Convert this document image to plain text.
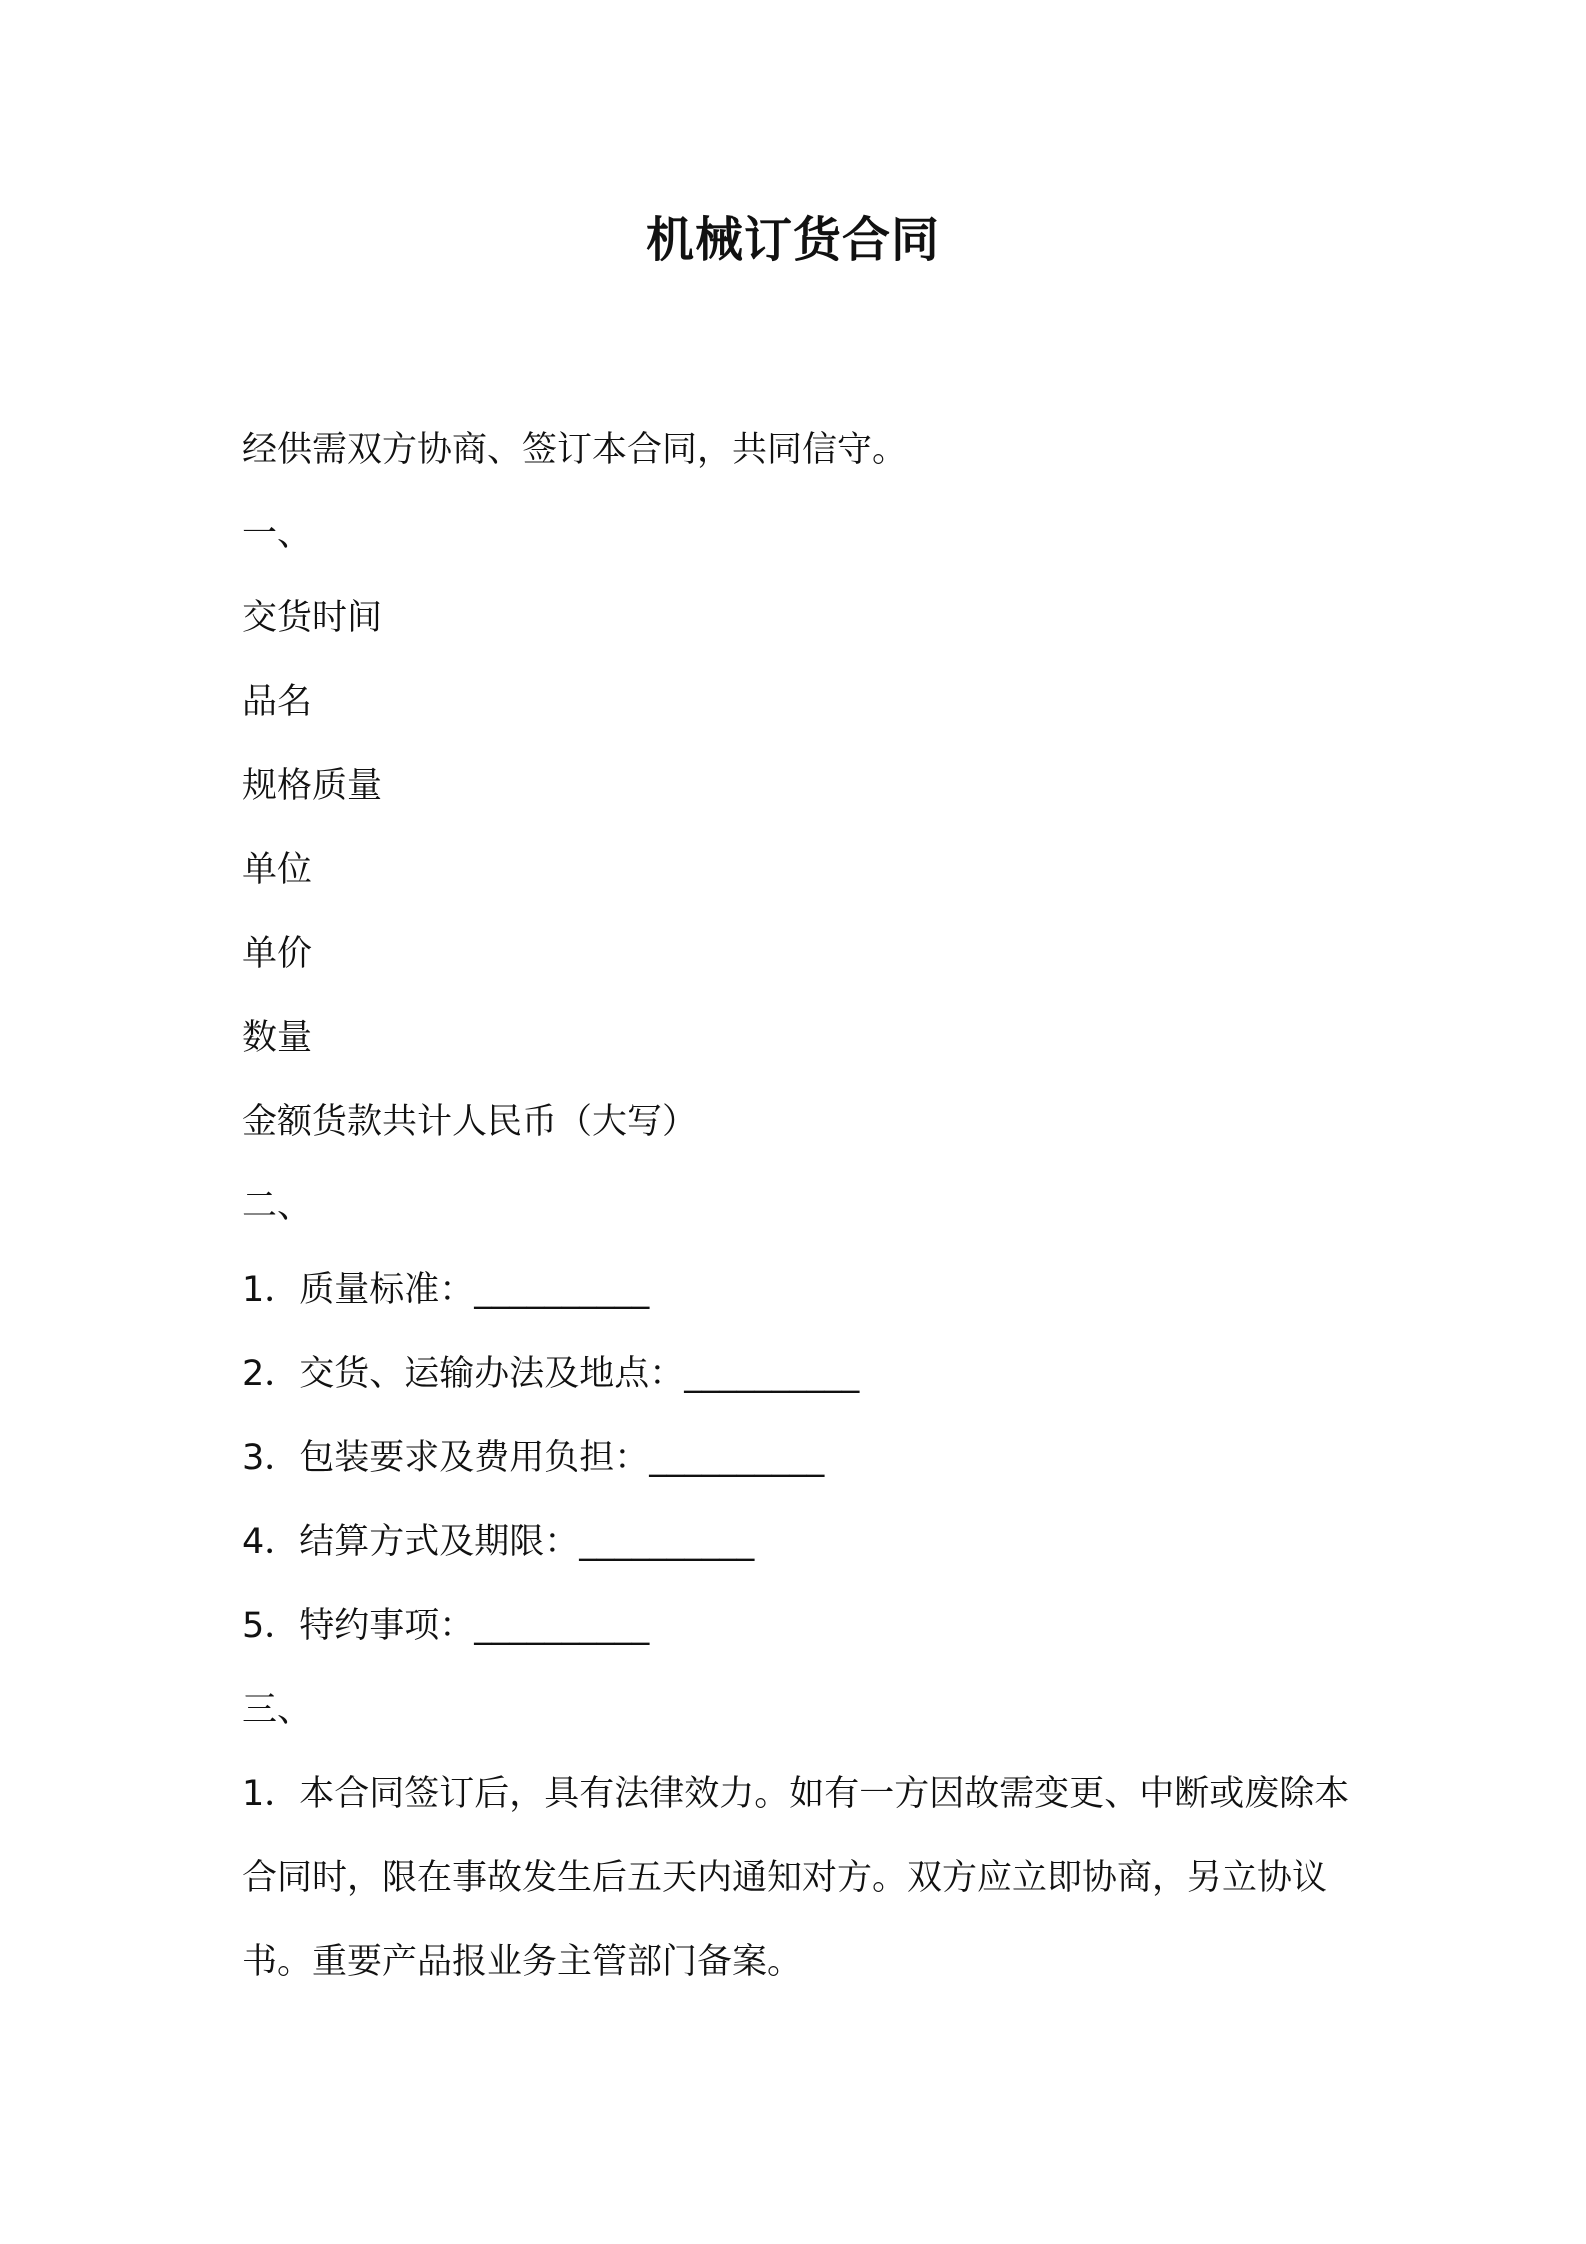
机械订货合同
经供需双方协商、签订本合同，共同信守。
一、
交货时间
品名
规格质量
单位
单价
数量
金额货款共计人民币（大写）
二、
1．质量标准：__________
2．交货、运输办法及地点：__________
3．包装要求及费用负担：__________
4．结算方式及期限：__________
5．特约事项：__________
三、
1．本合同签订后，具有法律效力。如有一方因故需变更、中断或废除本合同时，限在事故发生后五天内通知对方。双方应立即协商，另立协议书。重要产品报业务主管部门备案。
